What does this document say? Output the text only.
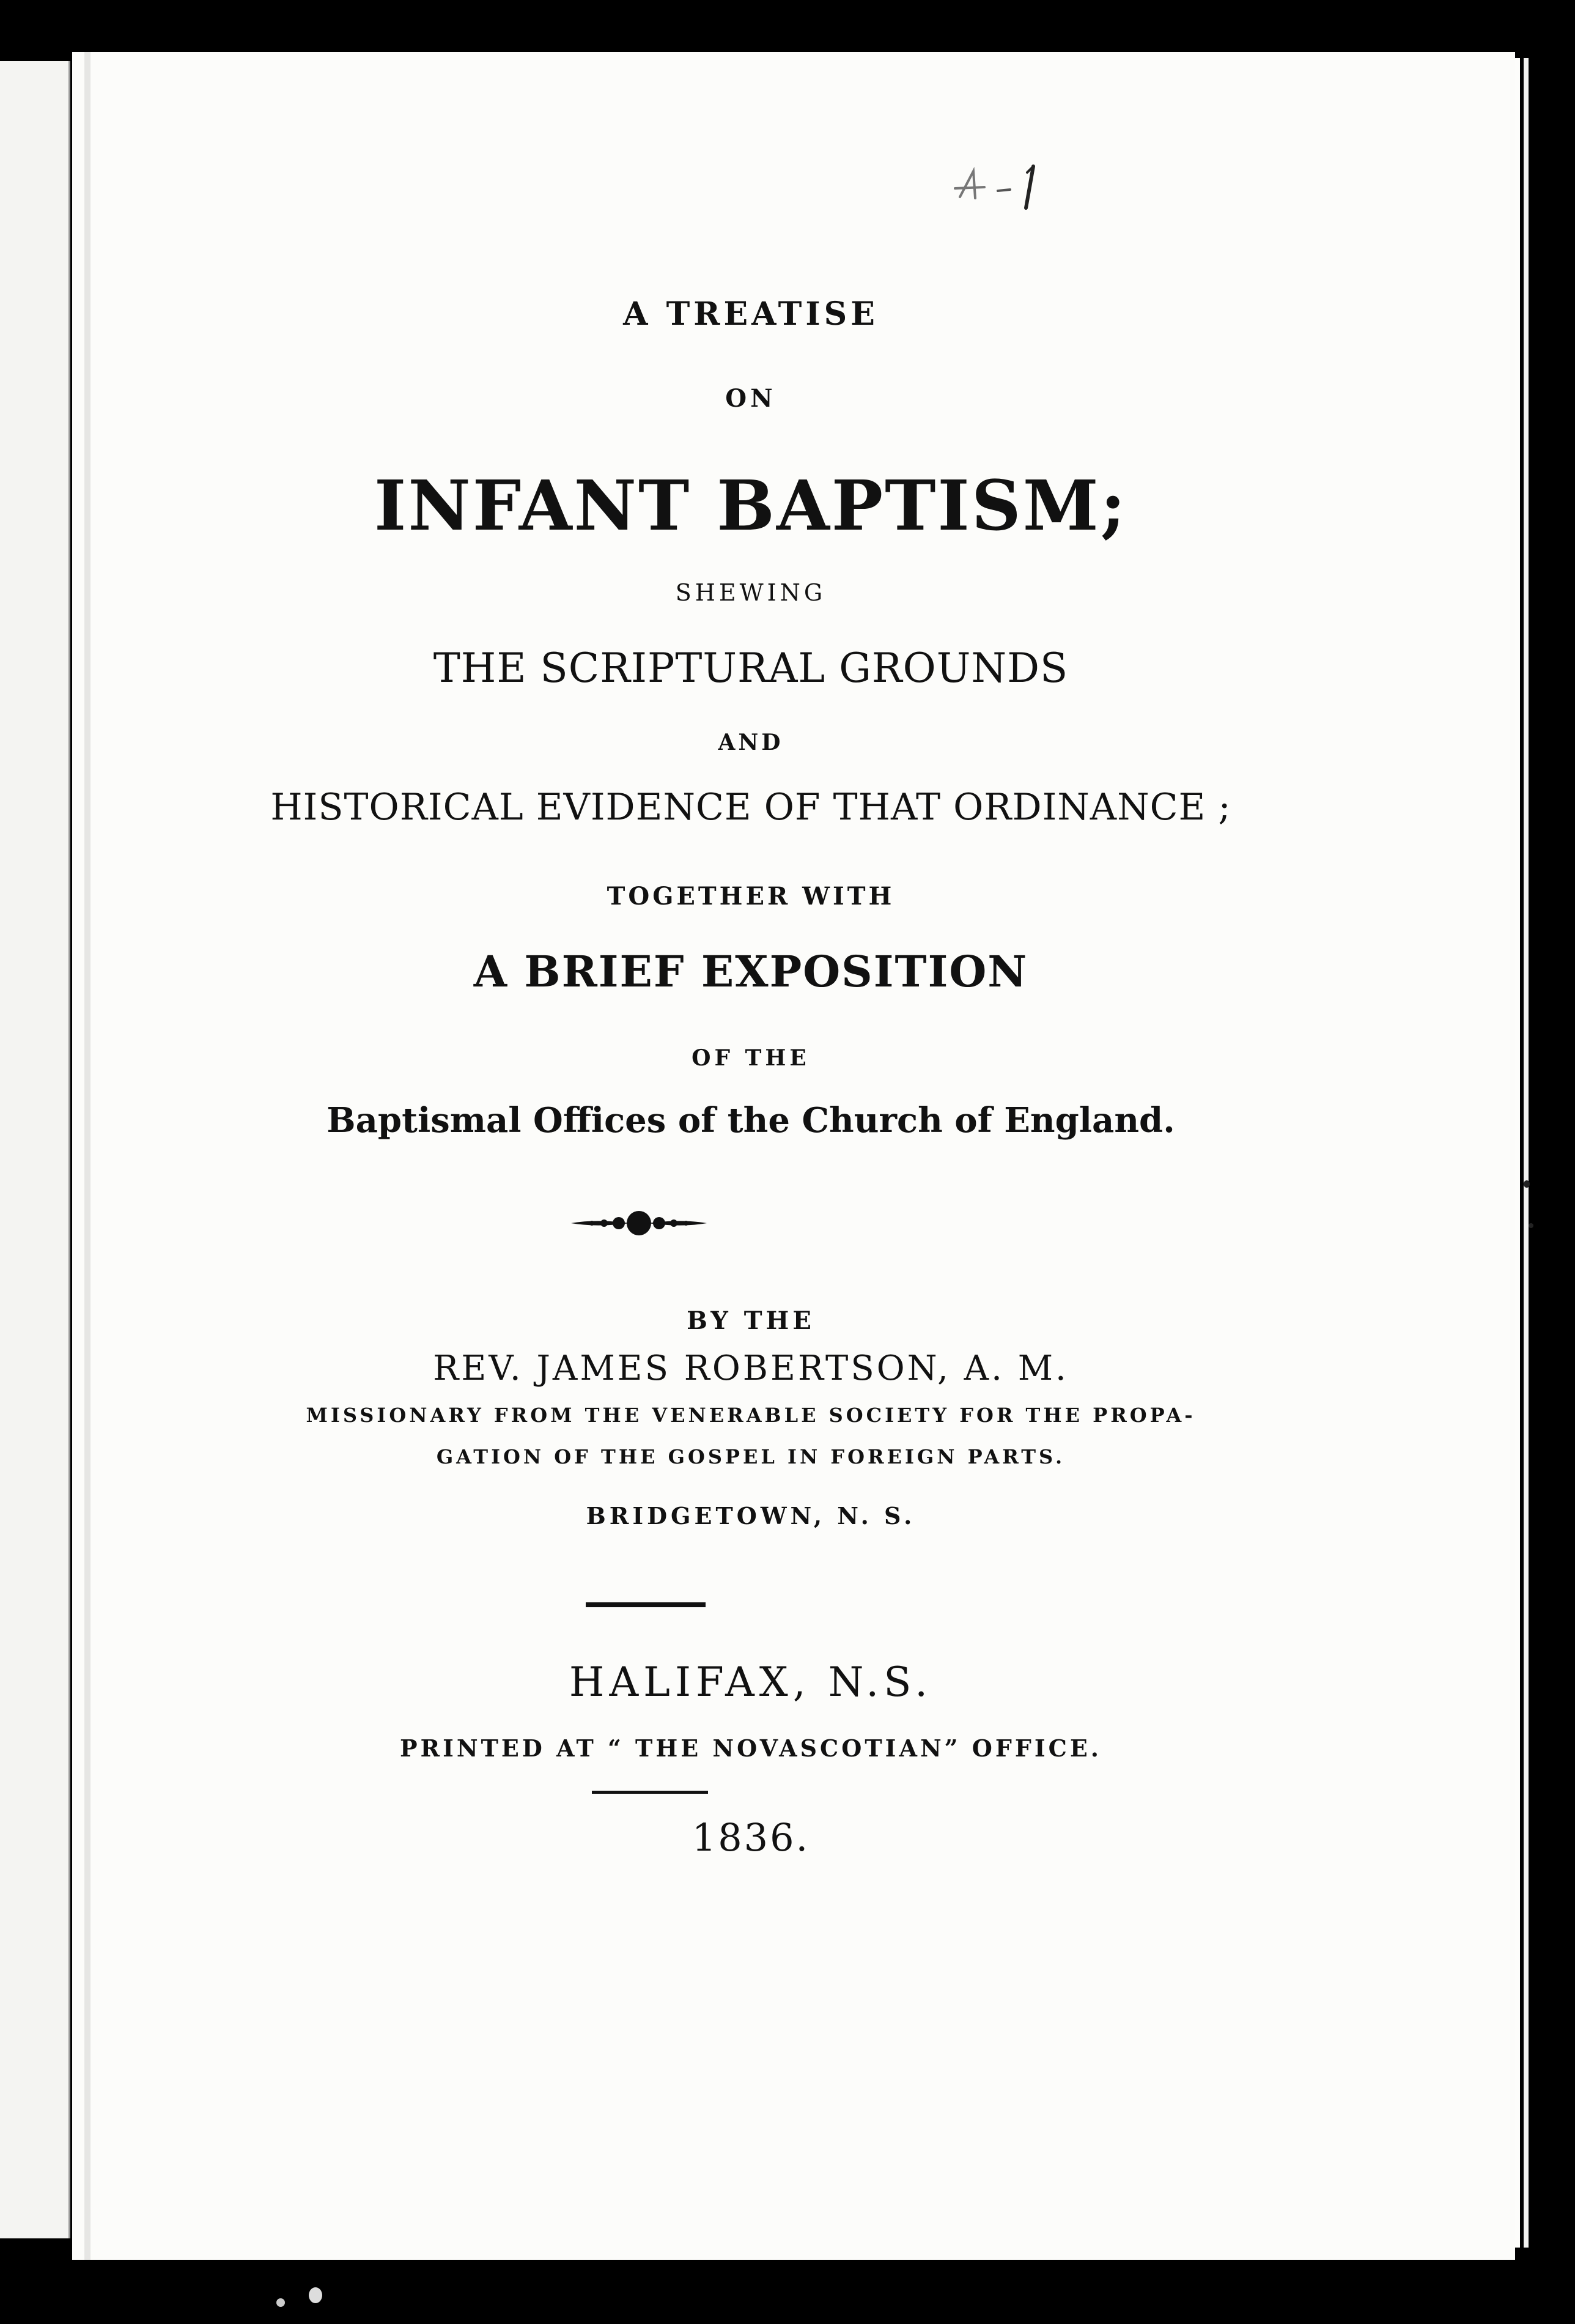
A TREATISE
ON
INFANT BAPTISM;
SHEWING
THE SCRIPTURAL GROUNDS
AND
HISTORICAL EVIDENCE OF THAT ORDINANCE ;
TOGETHER WITH
A BRIEF EXPOSITION
OF THE
Baptismal Offices of the Church of England.
BY THE
REV. JAMES ROBERTSON, A. M.
MISSIONARY FROM THE VENERABLE SOCIETY FOR THE PROPA-
GATION OF THE GOSPEL IN FOREIGN PARTS.
BRIDGETOWN, N. S.
HALIFAX, N.S.
PRINTED AT “ THE NOVASCOTIAN” OFFICE.
1836.
